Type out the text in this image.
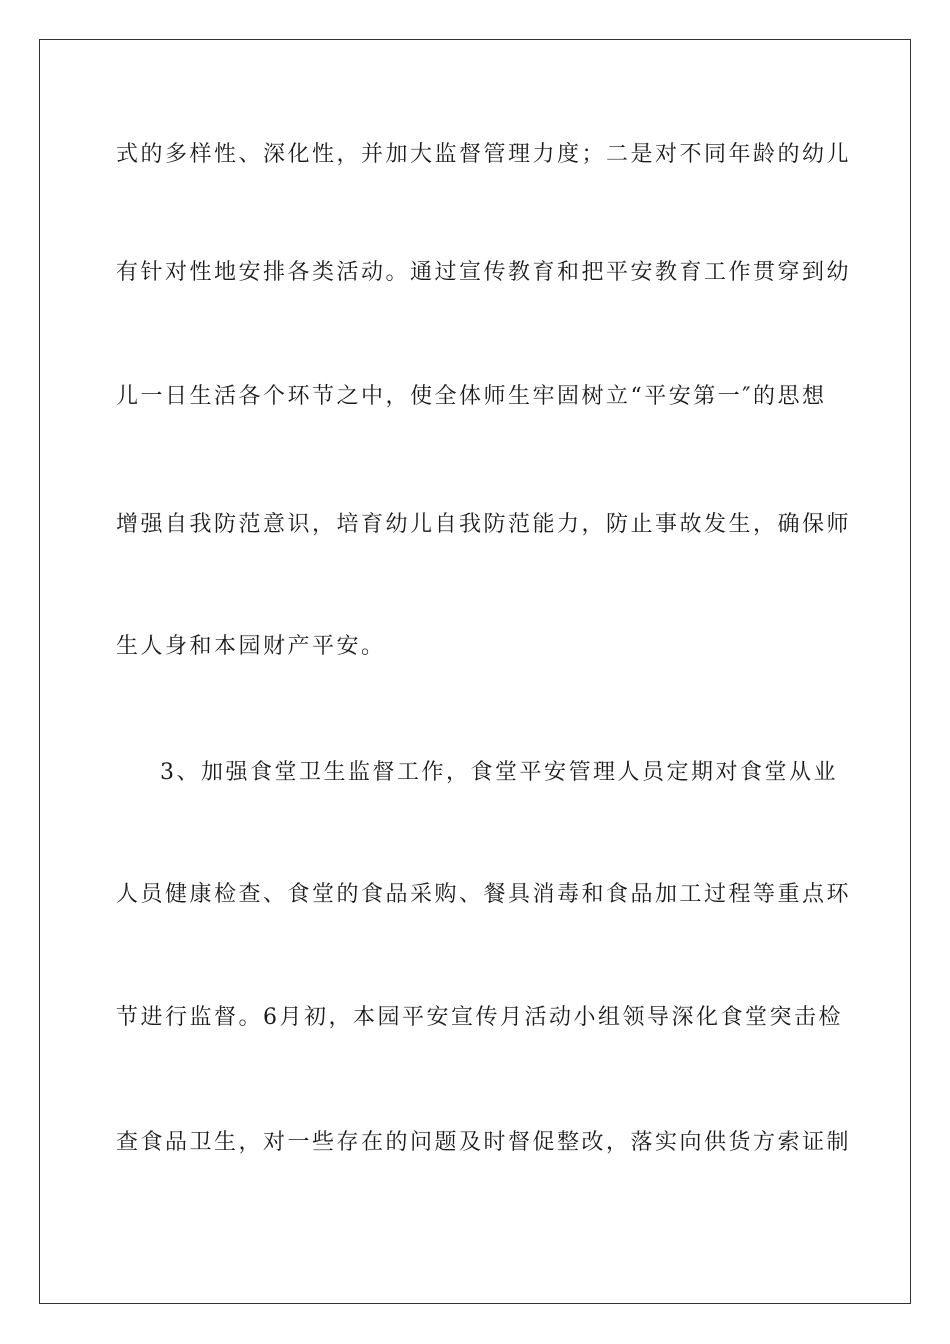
式的多样性、深化性，并加大监督管理力度；二是对不同年龄的幼儿
有针对性地安排各类活动。通过宣传教育和把平安教育工作贯穿到幼
儿一日生活各个环节之中，使全体师生牢固树立“平安第一″的思想
增强自我防范意识，培育幼儿自我防范能力，防止事故发生，确保师
生人身和本园财产平安。
3、加强食堂卫生监督工作，食堂平安管理人员定期对食堂从业
人员健康检查、食堂的食品采购、餐具消毒和食品加工过程等重点环
节进行监督。6月初，本园平安宣传月活动小组领导深化食堂突击检
查食品卫生，对一些存在的问题及时督促整改，落实向供货方索证制
